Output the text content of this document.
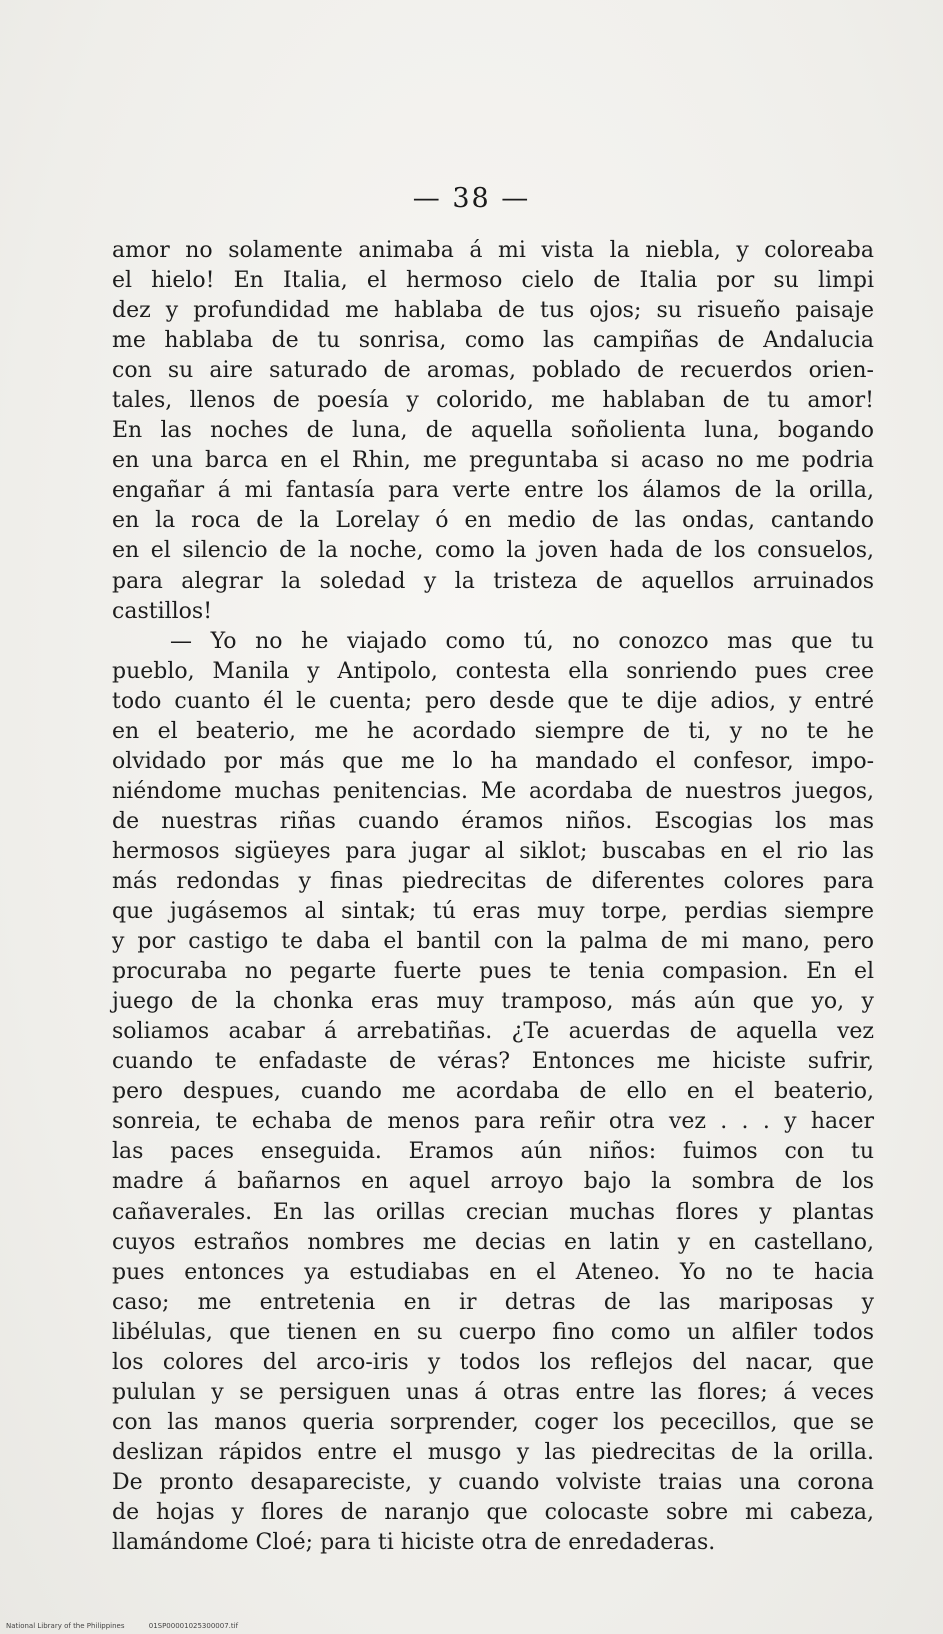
— 38 —
amor no solamente animaba á mi vista la niebla, y coloreaba
el hielo! En Italia, el hermoso cielo de Italia por su limpi
dez y profundidad me hablaba de tus ojos; su risueño paisaje
me hablaba de tu sonrisa, como las campiñas de Andalucia
con su aire saturado de aromas, poblado de recuerdos orien-
tales, llenos de poesía y colorido, me hablaban de tu amor!
En las noches de luna, de aquella soñolienta luna, bogando
en una barca en el Rhin, me preguntaba si acaso no me podria
engañar á mi fantasía para verte entre los álamos de la orilla,
en la roca de la Lorelay ó en medio de las ondas, cantando
en el silencio de la noche, como la joven hada de los consuelos,
para alegrar la soledad y la tristeza de aquellos arruinados
castillos!
— Yo no he viajado como tú, no conozco mas que tu
pueblo, Manila y Antipolo, contesta ella sonriendo pues cree
todo cuanto él le cuenta; pero desde que te dije adios, y entré
en el beaterio, me he acordado siempre de ti, y no te he
olvidado por más que me lo ha mandado el confesor, impo-
niéndome muchas penitencias. Me acordaba de nuestros juegos,
de nuestras riñas cuando éramos niños. Escogias los mas
hermosos sigüeyes para jugar al siklot; buscabas en el rio las
más redondas y finas piedrecitas de diferentes colores para
que jugásemos al sintak; tú eras muy torpe, perdias siempre
y por castigo te daba el bantil con la palma de mi mano, pero
procuraba no pegarte fuerte pues te tenia compasion. En el
juego de la chonka eras muy tramposo, más aún que yo, y
soliamos acabar á arrebatiñas. ¿Te acuerdas de aquella vez
cuando te enfadaste de véras? Entonces me hiciste sufrir,
pero despues, cuando me acordaba de ello en el beaterio,
sonreia, te echaba de menos para reñir otra vez . . . y hacer
las paces enseguida. Eramos aún niños: fuimos con tu
madre á bañarnos en aquel arroyo bajo la sombra de los
cañaverales. En las orillas crecian muchas flores y plantas
cuyos estraños nombres me decias en latin y en castellano,
pues entonces ya estudiabas en el Ateneo. Yo no te hacia
caso; me entretenia en ir detras de las mariposas y
libélulas, que tienen en su cuerpo fino como un alfiler todos
los colores del arco-iris y todos los reflejos del nacar, que
pululan y se persiguen unas á otras entre las flores; á veces
con las manos queria sorprender, coger los pececillos, que se
deslizan rápidos entre el musgo y las piedrecitas de la orilla.
De pronto desapareciste, y cuando volviste traias una corona
de hojas y flores de naranjo que colocaste sobre mi cabeza,
llamándome Cloé; para ti hiciste otra de enredaderas.
National Library of the Philippines	01SP00001025300007.tif
